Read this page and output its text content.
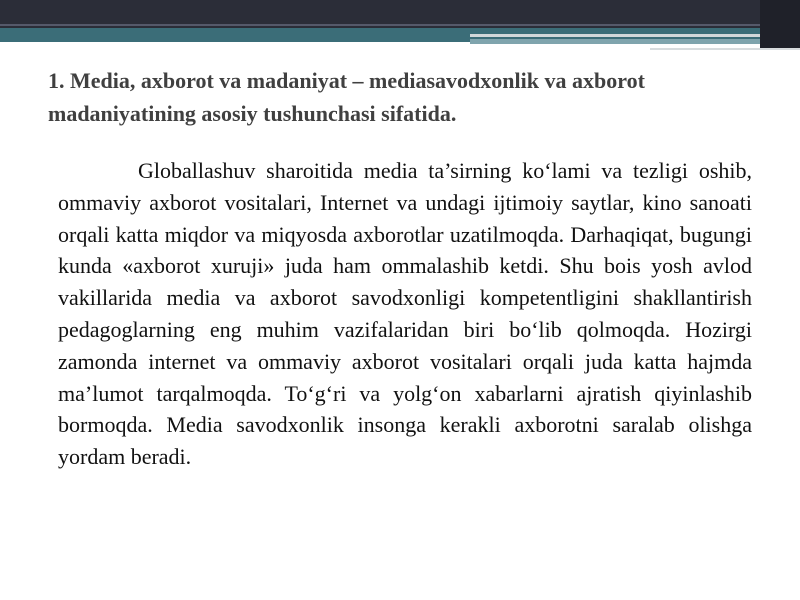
1. Media, axborot va madaniyat – mediasavodxonlik va axborot madaniyatining asosiy tushunchasi sifatida.

Globallashuv sharoitida media ta’sirning ko‘lami va tezligi oshib, ommaviy axborot vositalari, Internet va undagi ijtimoiy saytlar, kino sanoati orqali katta miqdor va miqyosda axborotlar uzatilmoqda. Darhaqiqat, bugungi kunda «axborot xuruji» juda ham ommalashib ketdi. Shu bois yosh avlod vakillarida media va axborot savodxonligi kompetentligini shakllantirish pedagoglarning eng muhim vazifalaridan biri bo‘lib qolmoqda. Hozirgi zamonda internet va ommaviy axborot vositalari orqali juda katta hajmda ma’lumot tarqalmoqda. To‘g‘ri va yolg‘on xabarlarni ajratish qiyinlashib bormoqda. Media savodxonlik insonga kerakli axborotni saralab olishga yordam beradi.
